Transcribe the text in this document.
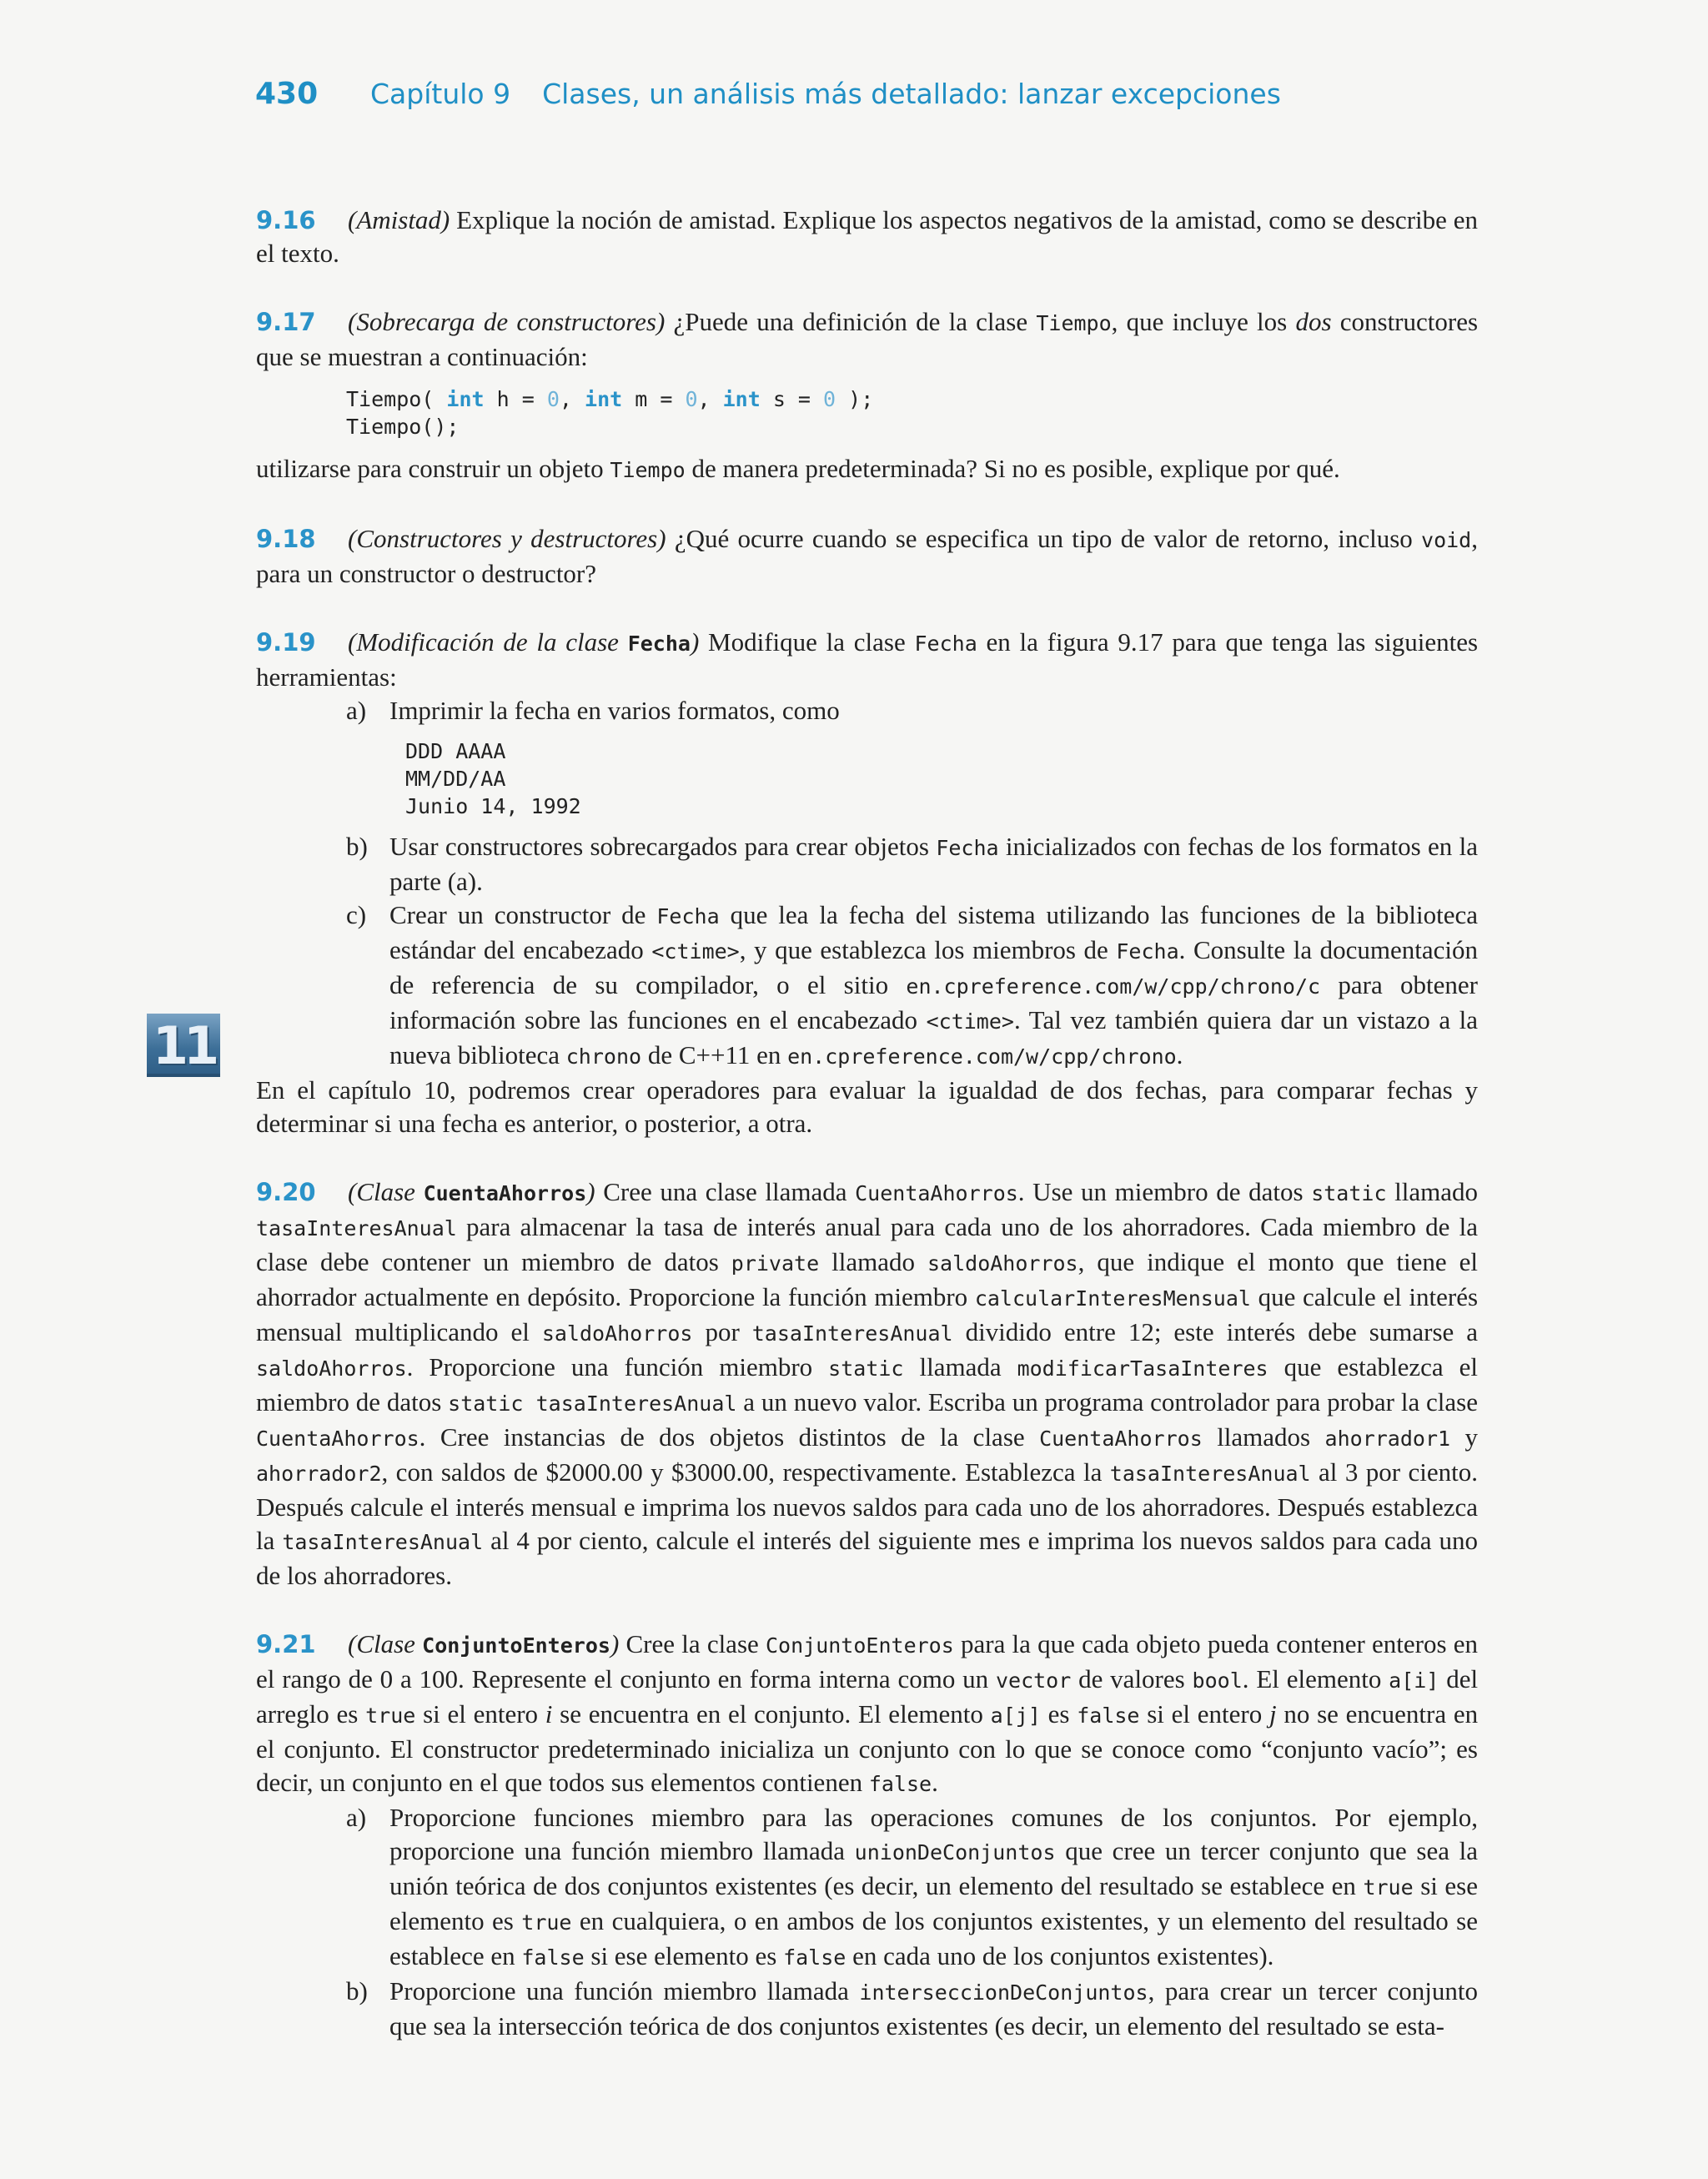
430	Capítulo 9 Clases, un análisis más detallado: lanzar excepciones
11

9.16 (Amistad) Explique la noción de amistad. Explique los aspectos negativos de la amistad, como se describe en el texto.

9.17 (Sobrecarga de constructores) ¿Puede una definición de la clase Tiempo, que incluye los dos constructores que se muestran a continuación:

Tiempo( int h = 0, int m = 0, int s = 0 );
Tiempo();

utilizarse para construir un objeto Tiempo de manera predeterminada? Si no es posible, explique por qué.

9.18 (Constructores y destructores) ¿Qué ocurre cuando se especifica un tipo de valor de retorno, incluso void, para un constructor o destructor?

9.19 (Modificación de la clase Fecha) Modifique la clase Fecha en la figura 9.17 para que tenga las siguientes herramientas:

a) Imprimir la fecha en varios formatos, como
DDD AAAA
MM/DD/AA
Junio 14, 1992
b) Usar constructores sobrecargados para crear objetos Fecha inicializados con fechas de los formatos en la parte (a).
c) Crear un constructor de Fecha que lea la fecha del sistema utilizando las funciones de la biblioteca estándar del encabezado <ctime>, y que establezca los miembros de Fecha. Consulte la documentación de referencia de su compilador, o el sitio en.cpreference.com/w/cpp/chrono/c para obtener información sobre las funciones en el encabezado <ctime>. Tal vez también quiera dar un vistazo a la nueva biblioteca chrono de C++11 en en.cpreference.com/w/cpp/chrono.

En el capítulo 10, podremos crear operadores para evaluar la igualdad de dos fechas, para comparar fechas y determinar si una fecha es anterior, o posterior, a otra.

9.20 (Clase CuentaAhorros) Cree una clase llamada CuentaAhorros. Use un miembro de datos static llamado tasaInteresAnual para almacenar la tasa de interés anual para cada uno de los ahorradores. Cada miembro de la clase debe contener un miembro de datos private llamado saldoAhorros, que indique el monto que tiene el ahorrador actualmente en depósito. Proporcione la función miembro calcularInteresMensual que calcule el interés mensual multiplicando el saldoAhorros por tasaInteresAnual dividido entre 12; este interés debe sumarse a saldoAhorros. Proporcione una función miembro static llamada modificarTasaInteres que establezca el miembro de datos static tasaInteresAnual a un nuevo valor. Escriba un programa controlador para probar la clase CuentaAhorros. Cree instancias de dos objetos distintos de la clase CuentaAhorros llamados ahorrador1 y ahorrador2, con saldos de $2000.00 y $3000.00, respectivamente. Establezca la tasaInteresAnual al 3 por ciento. Después calcule el interés mensual e imprima los nuevos saldos para cada uno de los ahorradores. Después establezca la tasaInteresAnual al 4 por ciento, calcule el interés del siguiente mes e imprima los nuevos saldos para cada uno de los ahorradores.

9.21 (Clase ConjuntoEnteros) Cree la clase ConjuntoEnteros para la que cada objeto pueda contener enteros en el rango de 0 a 100. Represente el conjunto en forma interna como un vector de valores bool. El elemento a[i] del arreglo es true si el entero i se encuentra en el conjunto. El elemento a[j] es false si el entero j no se encuentra en el conjunto. El constructor predeterminado inicializa un conjunto con lo que se conoce como “conjunto vacío”; es decir, un conjunto en el que todos sus elementos contienen false.

a) Proporcione funciones miembro para las operaciones comunes de los conjuntos. Por ejemplo, proporcione una función miembro llamada unionDeConjuntos que cree un tercer conjunto que sea la unión teórica de dos conjuntos existentes (es decir, un elemento del resultado se establece en true si ese elemento es true en cualquiera, o en ambos de los conjuntos existentes, y un elemento del resultado se establece en false si ese elemento es false en cada uno de los conjuntos existentes).
b) Proporcione una función miembro llamada interseccionDeConjuntos, para crear un tercer conjunto que sea la intersección teórica de dos conjuntos existentes (es decir, un elemento del resultado se esta-
